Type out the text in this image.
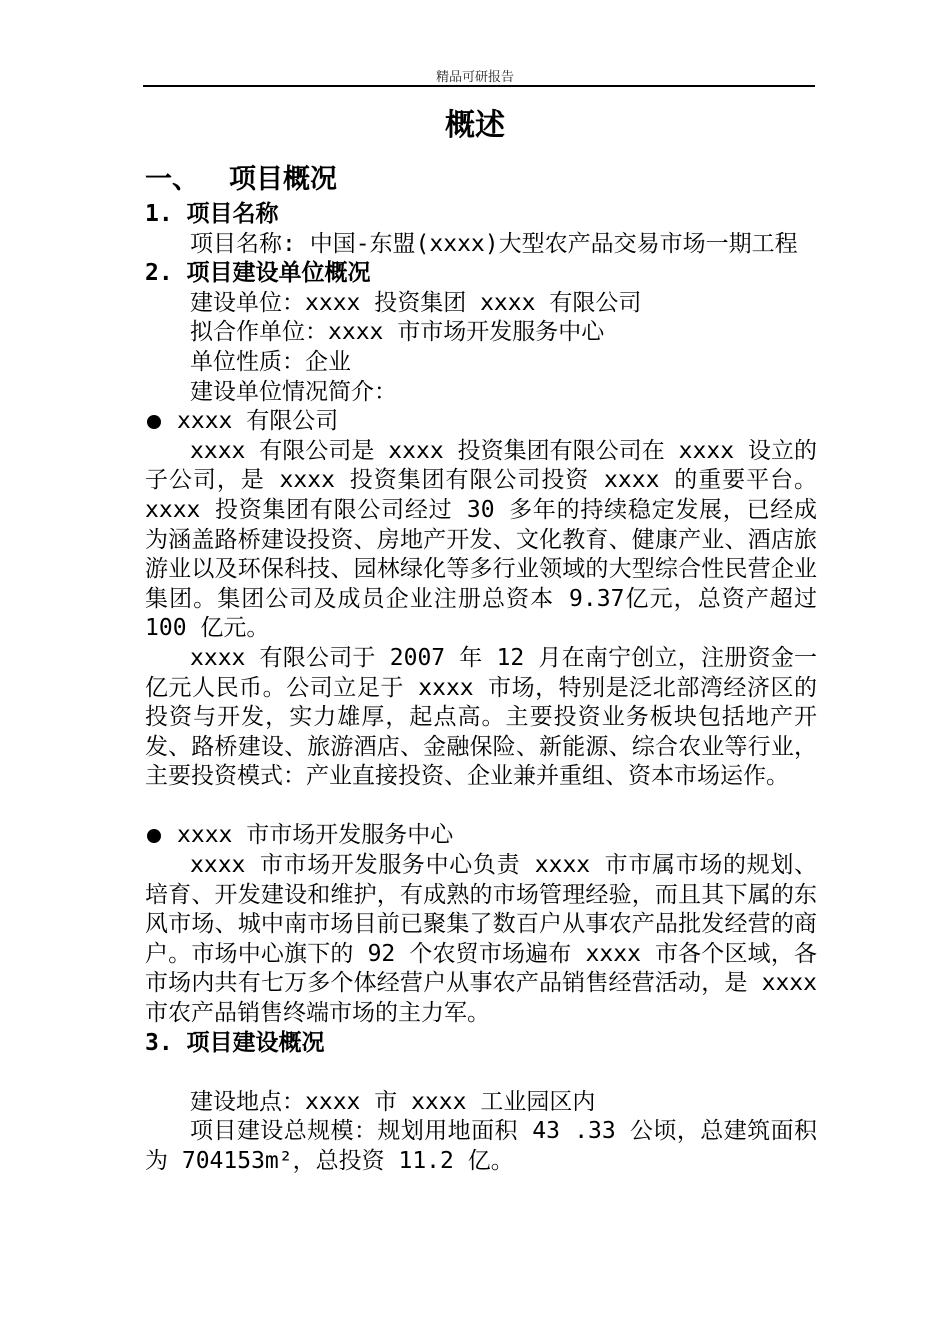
精品可研报告
概述
一、 项目概况
1. 项目名称
项目名称: 中国-东盟(xxxx)大型农产品交易市场一期工程
2. 项目建设单位概况
建设单位：xxxx 投资集团 xxxx 有限公司
拟合作单位：xxxx 市市场开发服务中心
单位性质：企业
建设单位情况简介：
xxxx 有限公司
xxxx 有限公司是 xxxx 投资集团有限公司在 xxxx 设立的子公司，是 xxxx 投资集团有限公司投资 xxxx 的重要平台。xxxx 投资集团有限公司经过 30 多年的持续稳定发展，已经成为涵盖路桥建设投资、房地产开发、文化教育、健康产业、酒店旅游业以及环保科技、园林绿化等多行业领域的大型综合性民营企业集团。集团公司及成员企业注册总资本 9.37亿元，总资产超过 100 亿元。
xxxx 有限公司于 2007 年 12 月在南宁创立，注册资金一亿元人民币。公司立足于 xxxx 市场，特别是泛北部湾经济区的投资与开发，实力雄厚，起点高。主要投资业务板块包括地产开发、路桥建设、旅游酒店、金融保险、新能源、综合农业等行业，主要投资模式：产业直接投资、企业兼并重组、资本市场运作。
xxxx 市市场开发服务中心
xxxx 市市场开发服务中心负责 xxxx 市市属市场的规划、培育、开发建设和维护，有成熟的市场管理经验，而且其下属的东风市场、城中南市场目前已聚集了数百户从事农产品批发经营的商户。市场中心旗下的 92 个农贸市场遍布 xxxx 市各个区域，各市场内共有七万多个体经营户从事农产品销售经营活动，是 xxxx 市农产品销售终端市场的主力军。
3. 项目建设概况
建设地点：xxxx 市 xxxx 工业园区内
项目建设总规模：规划用地面积 43 .33 公顷，总建筑面积为 704153m²，总投资 11.2 亿。
